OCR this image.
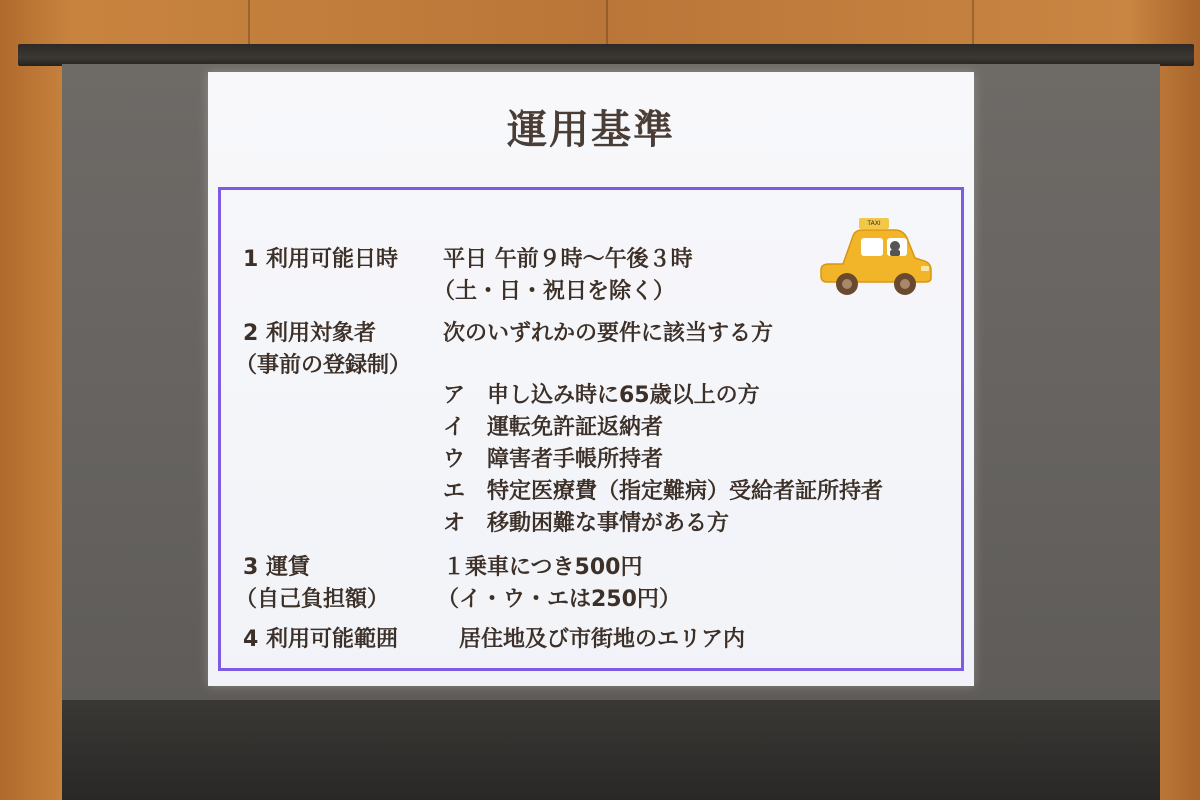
運用基準
1 利用可能日時 平日 午前９時～午後３時
（土・日・祝日を除く）
2 利用対象者
（事前の登録制）
次のいずれかの要件に該当する方
ア 申し込み時に65歳以上の方
イ 運転免許証返納者
ウ 障害者手帳所持者
エ 特定医療費（指定難病）受給者証所持者
オ 移動困難な事情がある方
3 運賃
（自己負担額）
１乗車につき500円
（イ・ウ・エは250円）
4 利用可能範囲	居住地及び市街地のエリア内
TAXI
